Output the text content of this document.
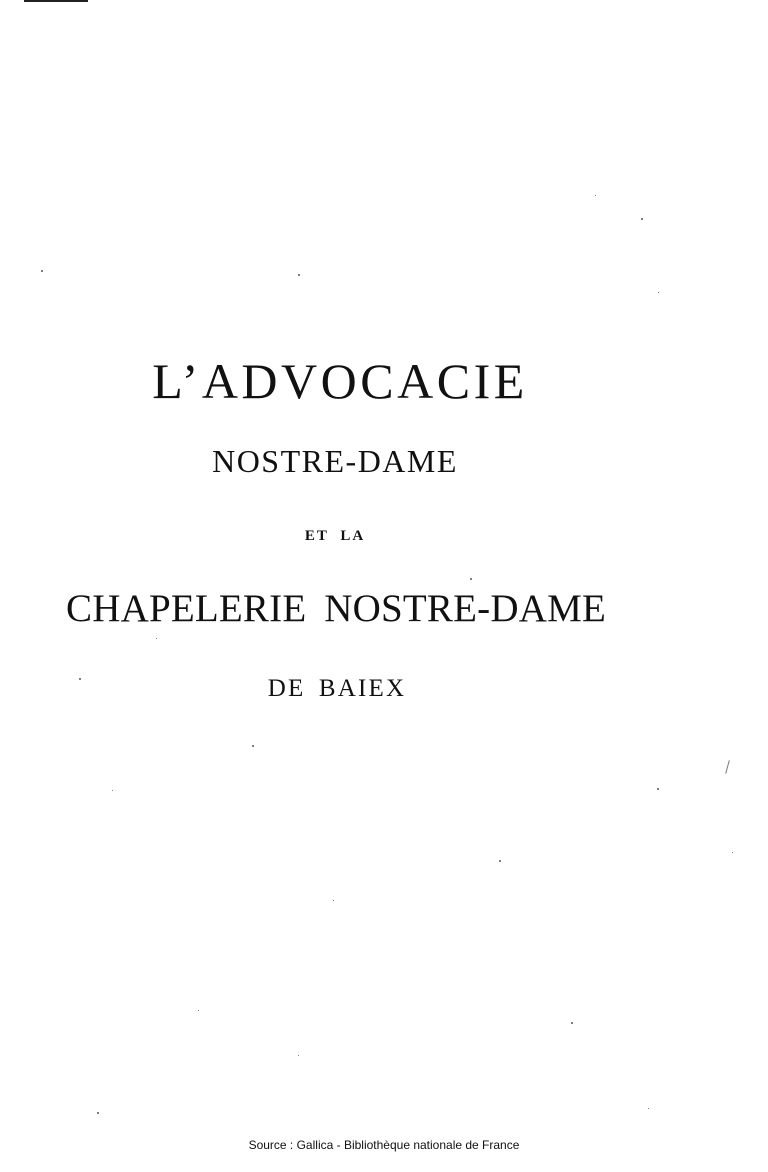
L’ADVOCACIE
NOSTRE-DAME
ET LA
CHAPELERIE NOSTRE-DAME
DE BAIEX
Source : Gallica - Bibliothèque nationale de France
